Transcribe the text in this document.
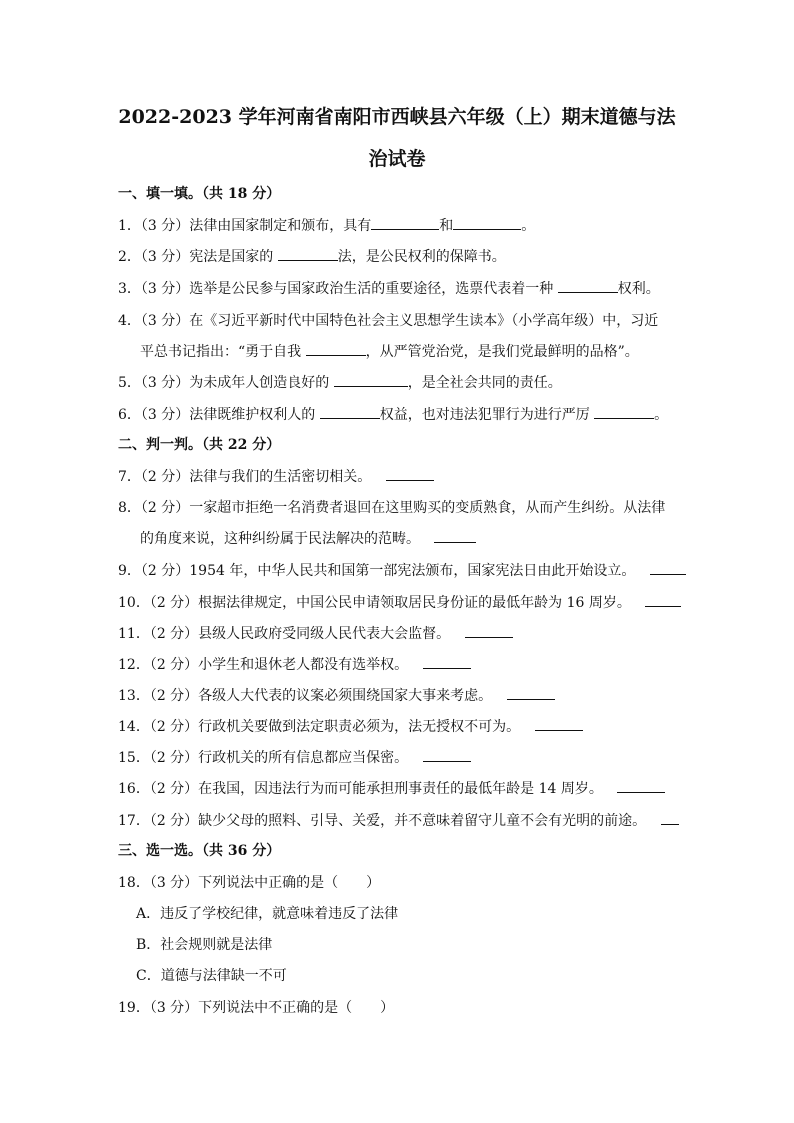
2022-2023 学年河南省南阳市西峡县六年级（上）期末道德与法
治试卷
一、填一填。（共 18 分）
1．（3 分）法律由国家制定和颁布，具有	和	。
2．（3 分）宪法是国家的	法，是公民权利的保障书。
3．（3 分）选举是公民参与国家政治生活的重要途径，选票代表着一种	权利。
4．（3 分）在《习近平新时代中国特色社会主义思想学生读本》（小学高年级）中，习近
平总书记指出：“勇于自我	，从严管党治党，是我们党最鲜明的品格”。
5．（3 分）为未成年人创造良好的	，是全社会共同的责任。
6．（3 分）法律既维护权利人的	权益，也对违法犯罪行为进行严厉	。
二、判一判。（共 22 分）
7．（2 分）法律与我们的生活密切相关。
8．（2 分）一家超市拒绝一名消费者退回在这里购买的变质熟食，从而产生纠纷。从法律
的角度来说，这种纠纷属于民法解决的范畴。
9．（2 分）1954 年，中华人民共和国第一部宪法颁布，国家宪法日由此开始设立。
10．（2 分）根据法律规定，中国公民申请领取居民身份证的最低年龄为 16 周岁。
11．（2 分）县级人民政府受同级人民代表大会监督。
12．（2 分）小学生和退休老人都没有选举权。
13．（2 分）各级人大代表的议案必须围绕国家大事来考虑。
14．（2 分）行政机关要做到法定职责必须为，法无授权不可为。
15．（2 分）行政机关的所有信息都应当保密。
16．（2 分）在我国，因违法行为而可能承担刑事责任的最低年龄是 14 周岁。
17．（2 分）缺少父母的照料、引导、关爱，并不意味着留守儿童不会有光明的前途。
三、选一选。（共 36 分）
18．（3 分）下列说法中正确的是（　　）
A．违反了学校纪律，就意味着违反了法律
B．社会规则就是法律
C．道德与法律缺一不可
19．（3 分）下列说法中不正确的是（　　）
